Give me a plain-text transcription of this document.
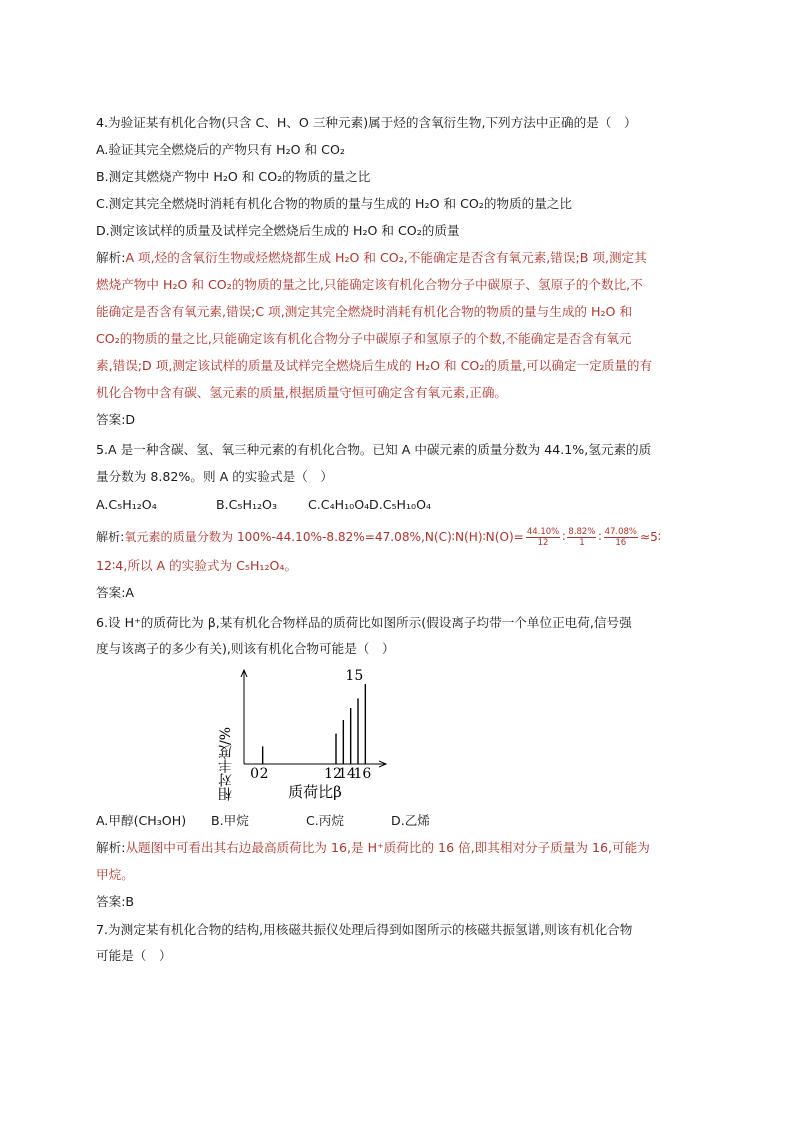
4.为验证某有机化合物(只含 C、H、O 三种元素)属于烃的含氧衍生物,下列方法中正确的是（　）
A.验证其完全燃烧后的产物只有 H₂O 和 CO₂
B.测定其燃烧产物中 H₂O 和 CO₂的物质的量之比
C.测定其完全燃烧时消耗有机化合物的物质的量与生成的 H₂O 和 CO₂的物质的量之比
D.测定该试样的质量及试样完全燃烧后生成的 H₂O 和 CO₂的质量
解析:A 项,烃的含氧衍生物或烃燃烧都生成 H₂O 和 CO₂,不能确定是否含有氧元素,错误;B 项,测定其
燃烧产物中 H₂O 和 CO₂的物质的量之比,只能确定该有机化合物分子中碳原子、氢原子的个数比,不
能确定是否含有氧元素,错误;C 项,测定其完全燃烧时消耗有机化合物的物质的量与生成的 H₂O 和
CO₂的物质的量之比,只能确定该有机化合物分子中碳原子和氢原子的个数,不能确定是否含有氧元
素,错误;D 项,测定该试样的质量及试样完全燃烧后生成的 H₂O 和 CO₂的质量,可以确定一定质量的有
机化合物中含有碳、氢元素的质量,根据质量守恒可确定含有氧元素,正确。
答案:D
5.A 是一种含碳、氢、氧三种元素的有机化合物。已知 A 中碳元素的质量分数为 44.1%,氢元素的质
量分数为 8.82%。则 A 的实验式是（　）
A.C₅H₁₂O₄	B.C₅H₁₂O₃ C.C₄H₁₀O₄ D.C₅H₁₀O₄
解析:氧元素的质量分数为 100%-44.10%-8.82%=47.08%,N(C)∶N(H)∶N(O)= $\frac{44.10\%}{12}$ ∶ $\frac{8.82\%}{1}$ ∶ $\frac{47.08\%}{16}$ ≈5∶
12∶4,所以 A 的实验式为 C₅H₁₂O₄。
答案:A
6.设 H⁺的质荷比为 β,某有机化合物样品的质荷比如图所示(假设离子均带一个单位正电荷,信号强
度与该离子的多少有关),则该有机化合物可能是（　）
相对丰度/% 0 2	12
14
16
15
质荷比β
A.甲醇(CH₃OH) B.甲烷	C.丙烷	D.乙烯
解析:从题图中可看出其右边最高质荷比为 16,是 H⁺质荷比的 16 倍,即其相对分子质量为 16,可能为
甲烷。
答案:B
7.为测定某有机化合物的结构,用核磁共振仪处理后得到如图所示的核磁共振氢谱,则该有机化合物
可能是（　）
